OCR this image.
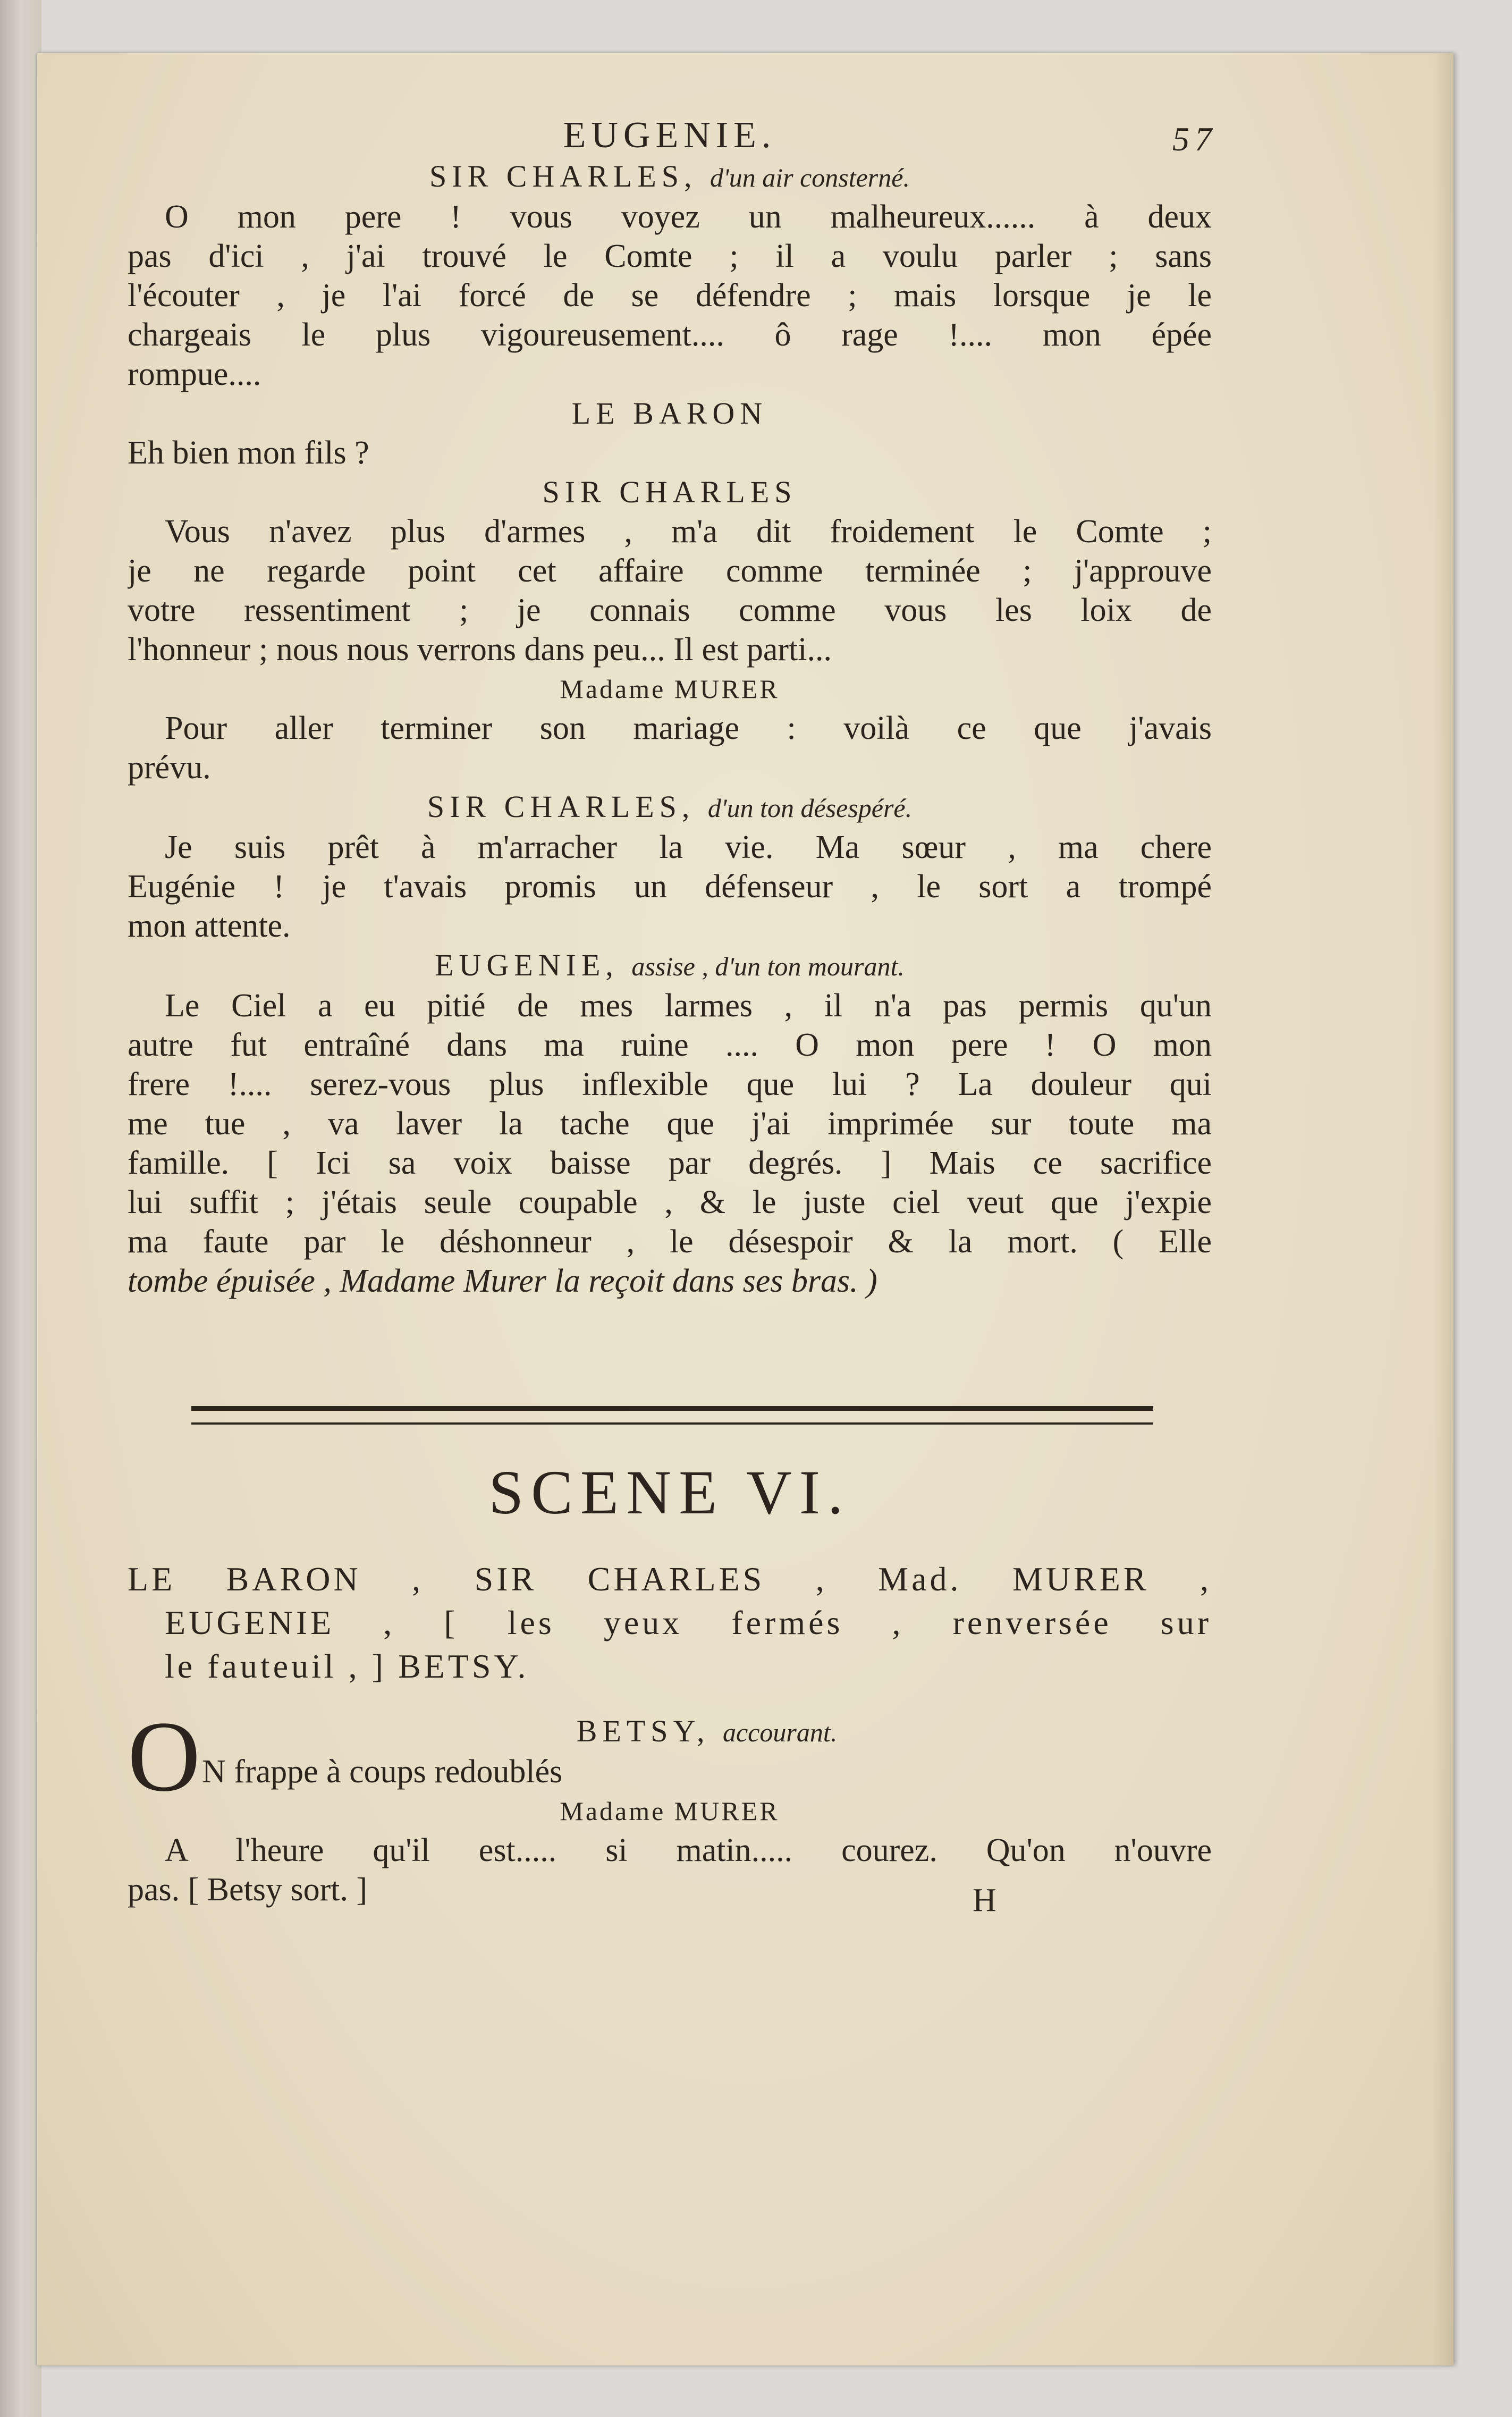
EUGENIE.	57
SIR CHARLES, d'un air consterné.
O mon pere ! vous voyez un malheureux...... à deux
pas d'ici , j'ai trouvé le Comte ; il a voulu parler ; sans
l'écouter , je l'ai forcé de se défendre ; mais lorsque je le
chargeais le plus vigoureusement.... ô rage !.... mon épée
rompue....
LE BARON
Eh bien mon fils ?
SIR CHARLES
Vous n'avez plus d'armes , m'a dit froidement le Comte ;
je ne regarde point cet affaire comme terminée ; j'approuve
votre ressentiment ; je connais comme vous les loix de
l'honneur ; nous nous verrons dans peu... Il est parti...
Madame MURER
Pour aller terminer son mariage : voilà ce que j'avais
prévu.
SIR CHARLES, d'un ton désespéré.
Je suis prêt à m'arracher la vie. Ma sœur , ma chere
Eugénie ! je t'avais promis un défenseur , le sort a trompé
mon attente.
EUGENIE, assise , d'un ton mourant.
Le Ciel a eu pitié de mes larmes , il n'a pas permis qu'un
autre fut entraîné dans ma ruine .... O mon pere ! O mon
frere !.... serez-vous plus inflexible que lui ? La douleur qui
me tue , va laver la tache que j'ai imprimée sur toute ma
famille. [ Ici sa voix baisse par degrés. ] Mais ce sacrifice
lui suffit ; j'étais seule coupable , & le juste ciel veut que j'expie
ma faute par le déshonneur , le désespoir & la mort. ( Elle
tombe épuisée , Madame Murer la reçoit dans ses bras. )
SCENE VI.
LE BARON , SIR CHARLES , Mad. MURER ,
EUGENIE , [ les yeux fermés , renversée sur
le fauteuil , ] BETSY.
O	BETSY, accourant.
N frappe à coups redoublés
Madame MURER
A l'heure qu'il est..... si matin..... courez. Qu'on n'ouvre
pas. [ Betsy sort. ]	H
